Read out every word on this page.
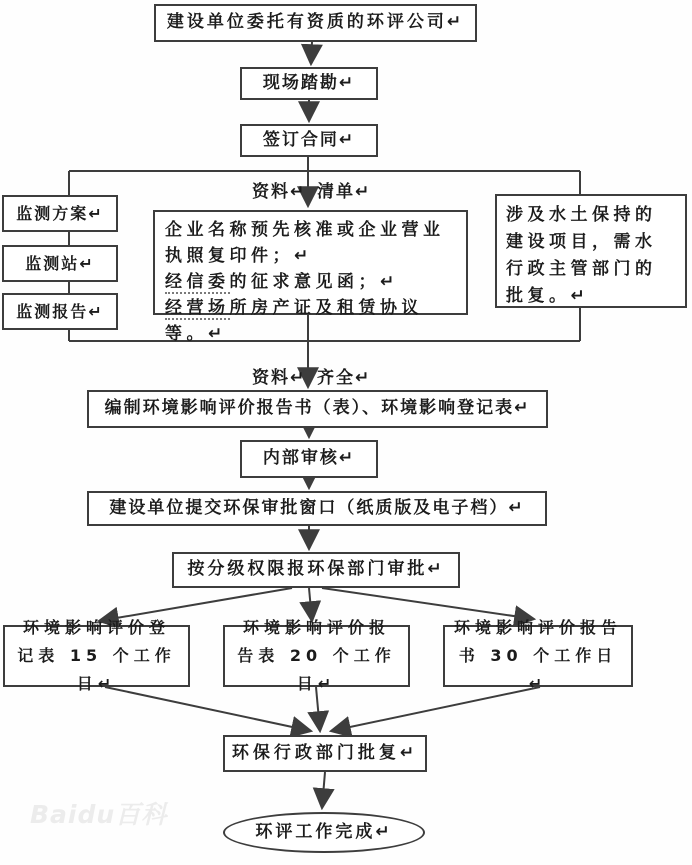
Baidu百科
建设单位委托有资质的环评公司↵
现场踏勘↵
签订合同↵
资料↵ 清单↵
监测方案↵
监测站↵
监测报告↵
企业名称预先核准或企业营业执照复印件；↵
经信委的征求意见函；↵
经营场所房产证及租赁协议等。↵
涉及水土保持的建设项目，需水行政主管部门的批复。↵
资料↵ 齐全↵
编制环境影响评价报告书（表）、环境影响登记表↵
内部审核↵
建设单位提交环保审批窗口（纸质版及电子档）↵
按分级权限报环保部门审批↵
环境影响评价登记表 15 个工作日↵
环境影响评价报告表 20 个工作日↵
环境影响评价报告书 30 个工作日↵
环保行政部门批复↵
环评工作完成↵
